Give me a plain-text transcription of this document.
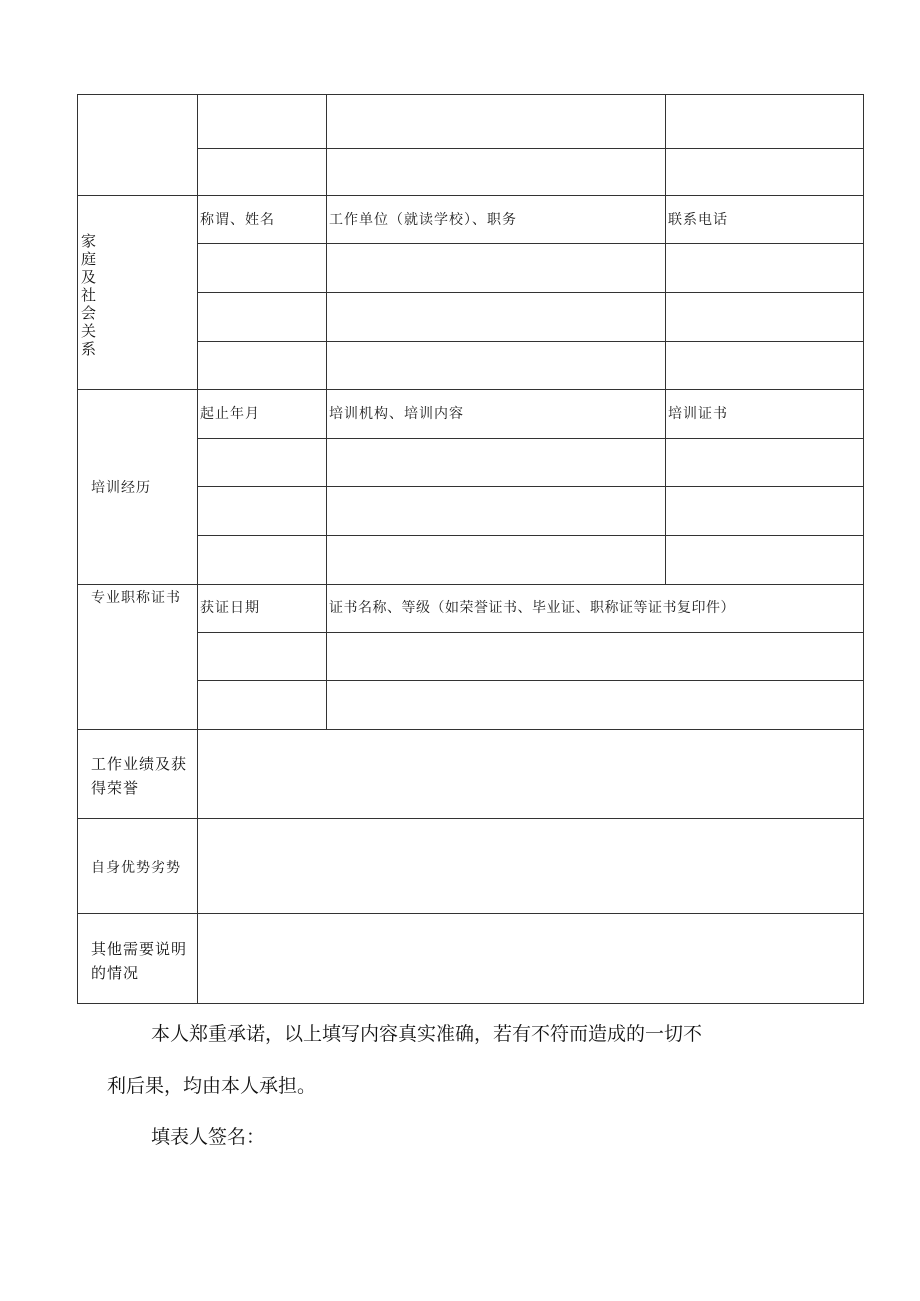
家庭及社会关系
称谓、姓名	工作单位（就读学校）、职务	联系电话
培训经历
起止年月	培训机构、培训内容	培训证书
专业职称证书
获证日期	证书名称、等级（如荣誉证书、毕业证、职称证等证书复印件）
工作业绩及获得荣誉
自身优势劣势
其他需要说明的情况
本人郑重承诺，以上填写内容真实准确，若有不符而造成的一切不
利后果，均由本人承担。
填表人签名：
